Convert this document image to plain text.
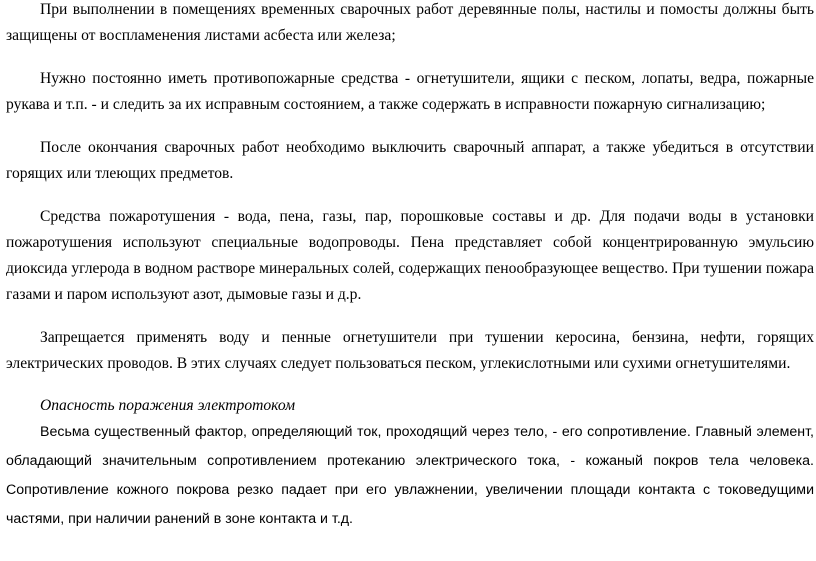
При выполнении в помещениях временных сварочных работ деревянные полы, настилы и помосты должны быть защищены от воспламенения листами асбеста или железа;

Нужно постоянно иметь противопожарные средства - огнетушители, ящики с песком, лопаты, ведра, пожарные рукава и т.п. - и следить за их исправным состоянием, а также содержать в исправности пожарную сигнализацию;

После окончания сварочных работ необходимо выключить сварочный аппарат, а также убедиться в отсутствии горящих или тлеющих предметов.

Средства пожаротушения - вода, пена, газы, пар, порошковые составы и др. Для подачи воды в установки пожаротушения используют специальные водопроводы. Пена представляет собой концентрированную эмульсию диоксида углерода в водном растворе минеральных солей, содержащих пенообразующее вещество. При тушении пожара газами и паром используют азот, дымовые газы и д.р.

Запрещается применять воду и пенные огнетушители при тушении керосина, бензина, нефти, горящих электрических проводов. В этих случаях следует пользоваться песком, углекислотными или сухими огнетушителями.

Опасность поражения электротоком

Весьма существенный фактор, определяющий ток, проходящий через тело, - его сопротивление. Главный элемент, обладающий значительным сопротивлением протеканию электрического тока, - кожаный покров тела человека. Сопротивление кожного покрова резко падает при его увлажнении, увеличении площади контакта с токоведущими частями, при наличии ранений в зоне контакта и т.д.
